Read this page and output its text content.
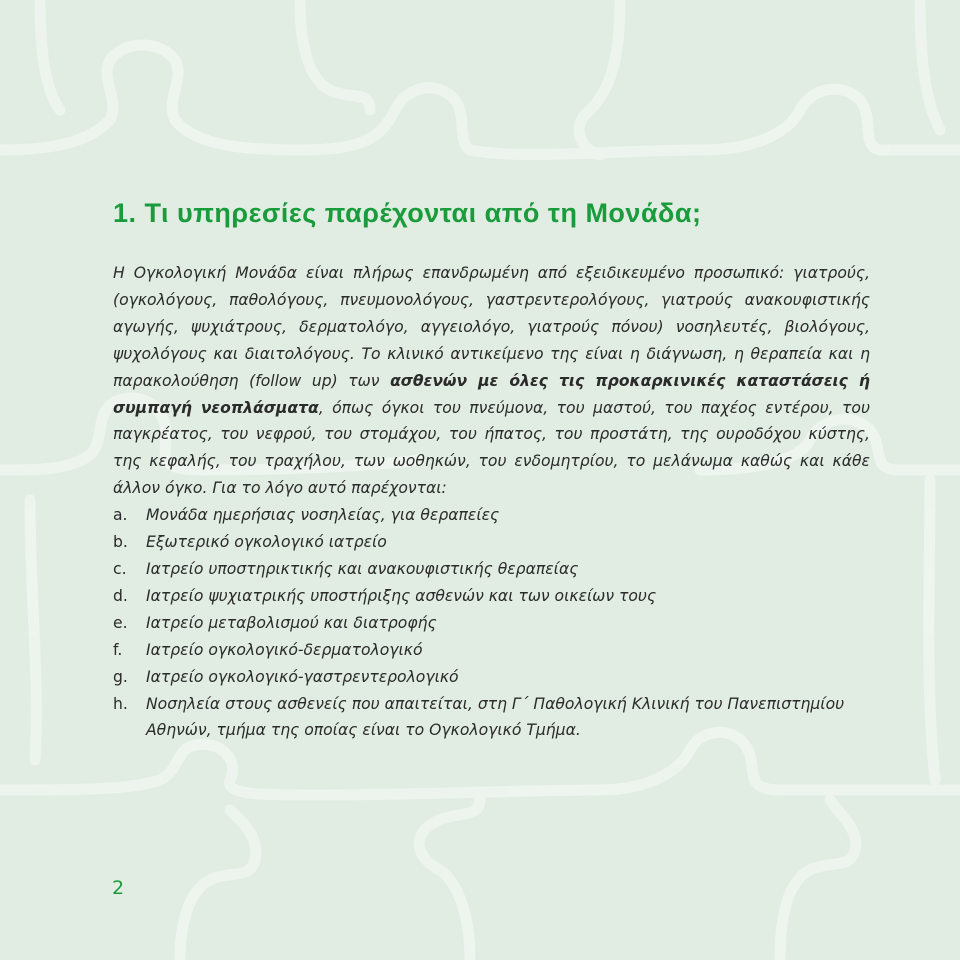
1. Τι υπηρεσίες παρέχονται από τη Μονάδα;

Η Ογκολογική Μονάδα είναι πλήρως επανδρωμένη από εξειδικευμένο προσωπικό: γιατρούς, (ογκολόγους, παθολόγους, πνευμονολόγους, γαστρεντερολόγους, γιατρούς ανακουφιστικής αγωγής, ψυχιάτρους, δερματολόγο, αγγειολόγο, γιατρούς πόνου) νοσηλευτές, βιολόγους, ψυχολόγους και διαιτολόγους. Το κλινικό αντικείμενο της είναι η διάγνωση, η θεραπεία και η παρακολούθηση (follow up) των ασθενών με όλες τις προκαρκινικές καταστάσεις ή συμπαγή νεοπλάσματα, όπως όγκοι του πνεύμονα, του μαστού, του παχέος εντέρου, του παγκρέατος, του νεφρού, του στομάχου, του ήπατος, του προστάτη, της ουροδόχου κύστης, της κεφαλής, του τραχήλου, των ωοθηκών, του ενδομητρίου, το μελάνωμα καθώς και κάθε άλλον όγκο. Για το λόγο αυτό παρέχονται:

a.	Μονάδα ημερήσιας νοσηλείας, για θεραπείες
b.	Εξωτερικό ογκολογικό ιατρείο
c.	Ιατρείο υποστηρικτικής και ανακουφιστικής θεραπείας
d.	Ιατρείο ψυχιατρικής υποστήριξης ασθενών και των οικείων τους
e.	Ιατρείο μεταβολισμού και διατροφής
f.	Ιατρείο ογκολογικό-δερματολογικό
g.	Ιατρείο ογκολογικό-γαστρεντερολογικό
h.	Νοσηλεία στους ασθενείς που απαιτείται, στη Γ΄ Παθολογική Κλινική του Πανεπιστημίου Αθηνών, τμήμα της οποίας είναι το Ογκολογικό Τμήμα.
2
